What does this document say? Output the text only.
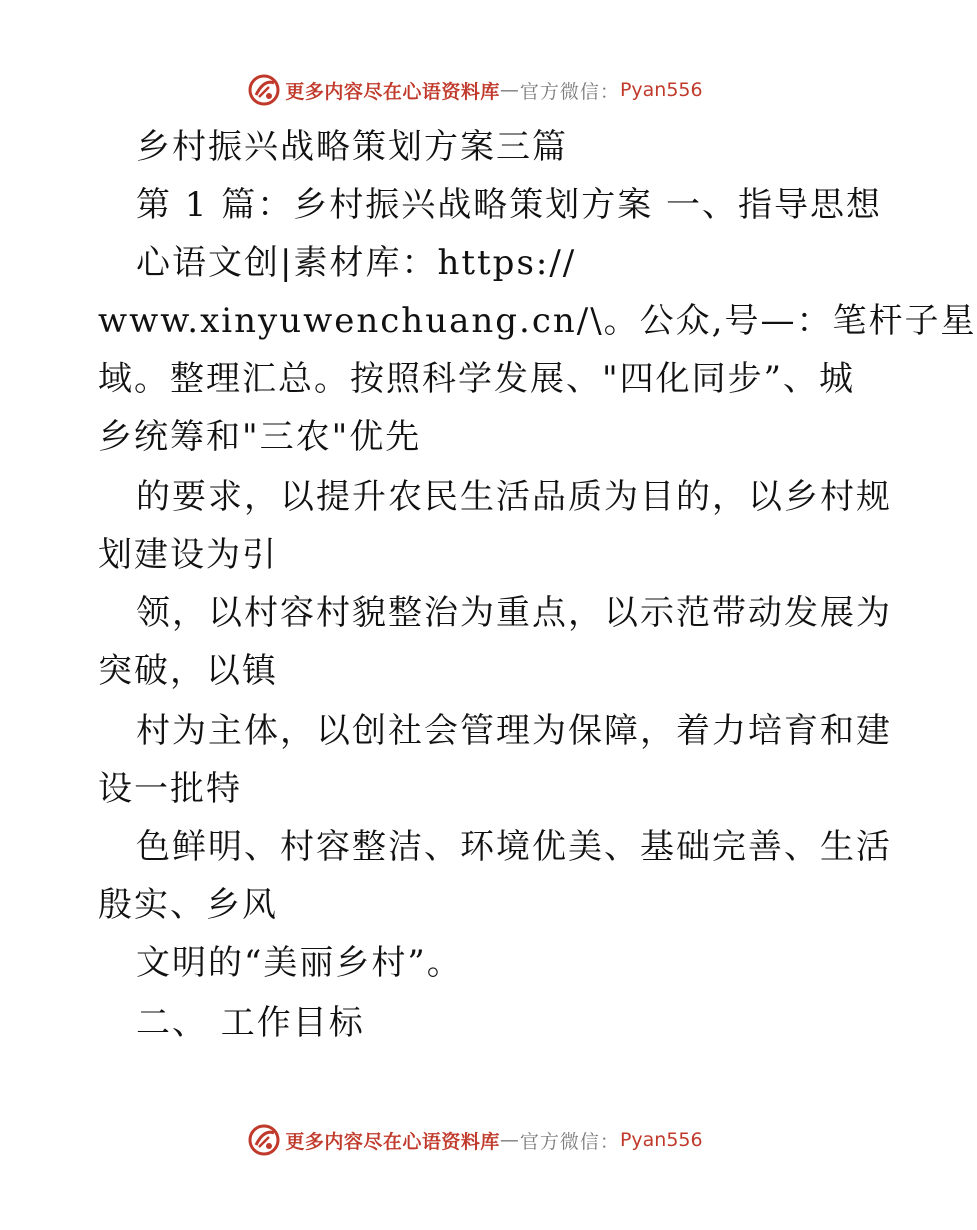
更多内容尽在心语资料库 — 官方微信： Pyan556
乡村振兴战略策划方案三篇
第 1 篇：乡村振兴战略策划方案 一、指导思想
心语文创|素材库：https://
www.xinyuwenchuang.cn/\。公众,号—：笔杆子星
域。整理汇总。按照科学发展、"四化同步”、城
乡统筹和"三农"优先
的要求，以提升农民生活品质为目的，以乡村规
划建设为引
领，以村容村貌整治为重点，以示范带动发展为
突破，以镇
村为主体，以创社会管理为保障，着力培育和建
设一批特
色鲜明、村容整洁、环境优美、基础完善、生活
殷实、乡风
文明的“美丽乡村”。
二、 工作目标
更多内容尽在心语资料库 — 官方微信： Pyan556
